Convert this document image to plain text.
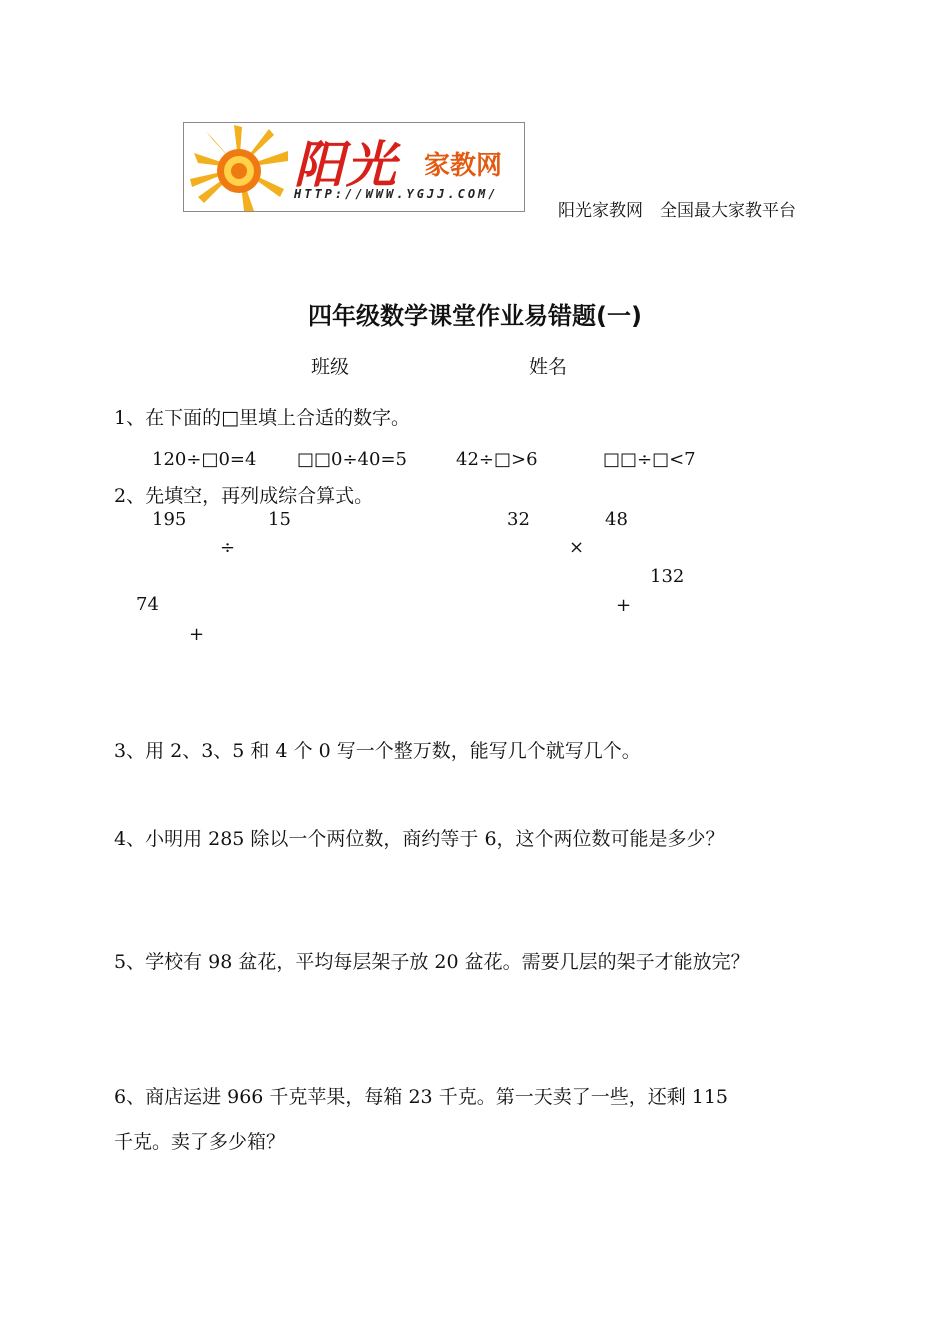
阳光 家教网
HTTP://WWW.YGJJ.COM/
阳光家教网　全国最大家教平台
四年级数学课堂作业易错题(一)
班级	姓名
1、在下面的□里填上合适的数字。
120÷□0=4 □□0÷40=5	42÷□>6	□□÷□<7
2、先填空，再列成综合算式。
195	15
÷
74
+
32	48
×
132
+
3、用 2、3、5 和 4 个 0 写一个整万数，能写几个就写几个。
4、小明用 285 除以一个两位数，商约等于 6，这个两位数可能是多少？
5、学校有 98 盆花，平均每层架子放 20 盆花。需要几层的架子才能放完？
6、商店运进 966 千克苹果，每箱 23 千克。第一天卖了一些，还剩 115
千克。卖了多少箱？
